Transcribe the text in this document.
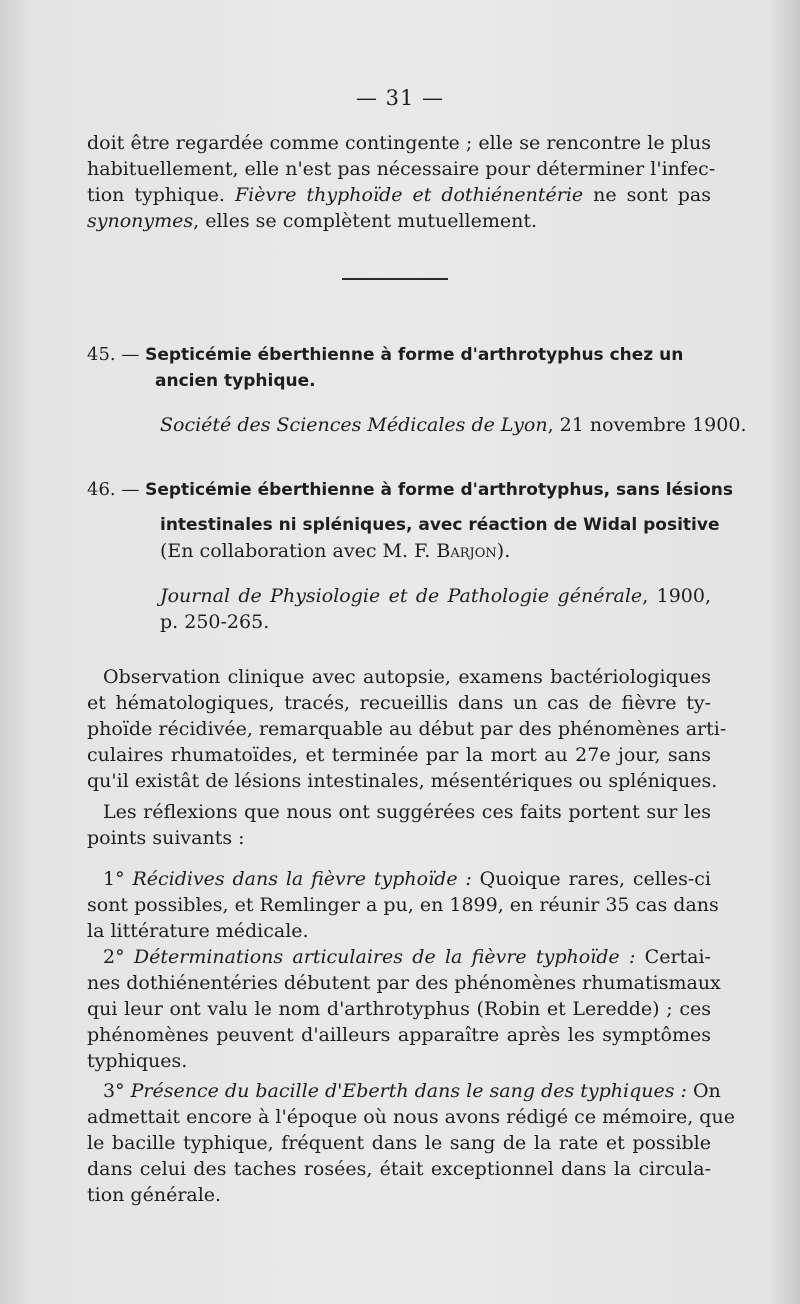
— 31 —
doit être regardée comme contingente ; elle se rencontre le plus
habituellement, elle n'est pas nécessaire pour déterminer l'infec-
tion typhique. Fièvre thyphoïde et dothiénentérie ne sont pas
synonymes, elles se complètent mutuellement.
45. — Septicémie éberthienne à forme d'arthrotyphus chez un
ancien typhique.
Société des Sciences Médicales de Lyon, 21 novembre 1900.
46. — Septicémie éberthienne à forme d'arthrotyphus, sans lésions
intestinales ni spléniques, avec réaction de Widal positive
(En collaboration avec M. F. Barjon).
Journal de Physiologie et de Pathologie générale, 1900,
p. 250-265.
Observation clinique avec autopsie, examens bactériologiques
et hématologiques, tracés, recueillis dans un cas de fièvre ty-
phoïde récidivée, remarquable au début par des phénomènes arti-
culaires rhumatoïdes, et terminée par la mort au 27e jour, sans
qu'il existât de lésions intestinales, mésentériques ou spléniques.
Les réflexions que nous ont suggérées ces faits portent sur les
points suivants :
1° Récidives dans la fièvre typhoïde : Quoique rares, celles-ci
sont possibles, et Remlinger a pu, en 1899, en réunir 35 cas dans
la littérature médicale.
2° Déterminations articulaires de la fièvre typhoïde : Certai-
nes dothiénentéries débutent par des phénomènes rhumatismaux
qui leur ont valu le nom d'arthrotyphus (Robin et Leredde) ; ces
phénomènes peuvent d'ailleurs apparaître après les symptômes
typhiques.
3° Présence du bacille d'Eberth dans le sang des typhiques : On
admettait encore à l'époque où nous avons rédigé ce mémoire, que
le bacille typhique, fréquent dans le sang de la rate et possible
dans celui des taches rosées, était exceptionnel dans la circula-
tion générale.
